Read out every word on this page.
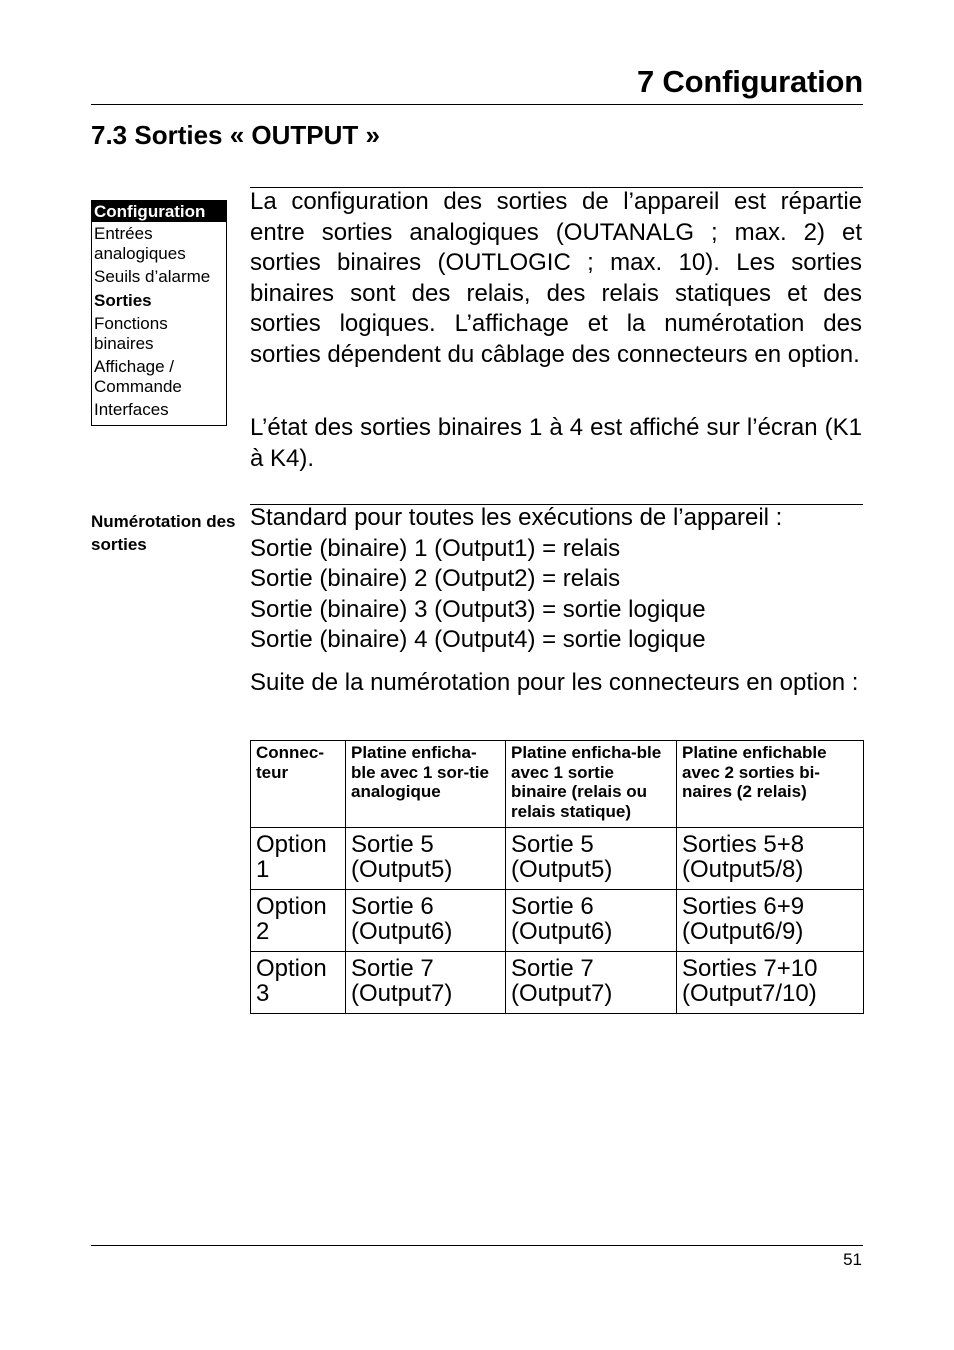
7 Configuration
7.3 Sorties « OUTPUT »
Configuration
Entrées analogiques
Seuils d’alarme
Sorties
Fonctions binaires
Affichage / Commande
Interfaces

La configuration des sorties de l’appareil est répartie entre sorties analogiques (OUTANALG ; max. 2) et sorties binaires (OUTLOGIC ; max. 10). Les sorties binaires sont des relais, des relais statiques et des sorties logiques. L’affichage et la numérotation des sorties dépendent du câblage des connecteurs en option.

L’état des sorties binaires 1 à 4 est affiché sur l’écran (K1 à K4).

Numérotation des sorties
Standard pour toutes les exécutions de l’appareil :
Sortie (binaire) 1 (Output1) = relais
Sortie (binaire) 2 (Output2) = relais
Sortie (binaire) 3 (Output3) = sortie logique
Sortie (binaire) 4 (Output4) = sortie logique

Suite de la numérotation pour les connecteurs en option :

Connec-teur	Platine enficha-ble avec 1 sor-tie analogique	Platine enficha-ble avec 1 sortie binaire (relais ou relais statique)	Platine enfichable avec 2 sorties bi-naires (2 relais)
Option 1	Sortie 5 (Output5)	Sortie 5 (Output5)	Sorties 5+8 (Output5/8)
Option 2	Sortie 6 (Output6)	Sortie 6 (Output6)	Sorties 6+9 (Output6/9)
Option 3	Sortie 7 (Output7)	Sortie 7 (Output7)	Sorties 7+10 (Output7/10)
51
